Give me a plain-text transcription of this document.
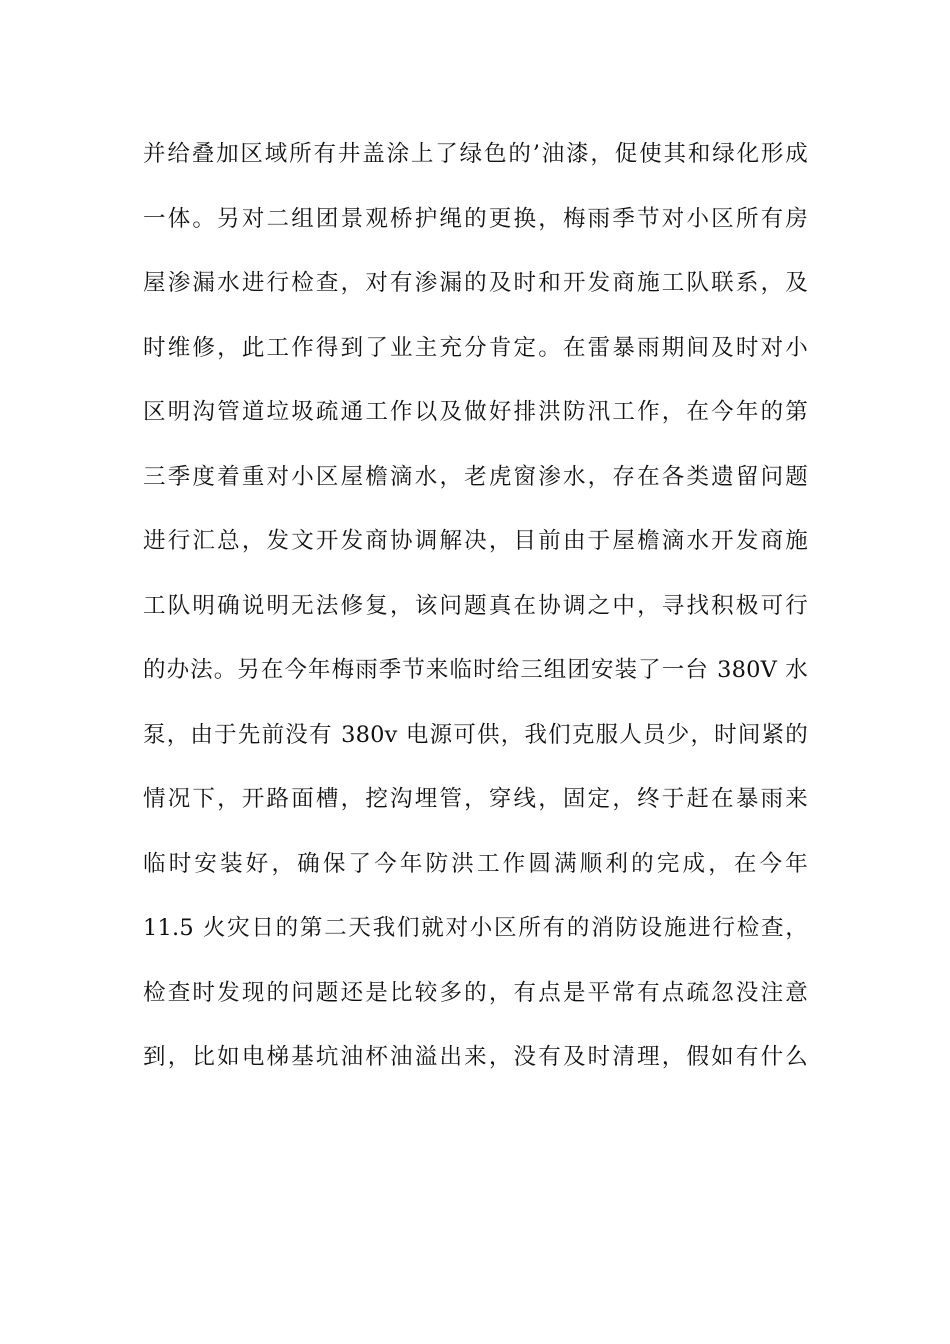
并给叠加区域所有井盖涂上了绿色的’油漆，促使其和绿化形成
一体。另对二组团景观桥护绳的更换，梅雨季节对小区所有房
屋渗漏水进行检查，对有渗漏的及时和开发商施工队联系，及
时维修，此工作得到了业主充分肯定。在雷暴雨期间及时对小
区明沟管道垃圾疏通工作以及做好排洪防汛工作，在今年的第
三季度着重对小区屋檐滴水，老虎窗渗水，存在各类遗留问题
进行汇总，发文开发商协调解决，目前由于屋檐滴水开发商施
工队明确说明无法修复，该问题真在协调之中，寻找积极可行
的办法。另在今年梅雨季节来临时给三组团安装了一台 380V 水
泵，由于先前没有 380v 电源可供，我们克服人员少，时间紧的
情况下，开路面槽，挖沟埋管，穿线，固定，终于赶在暴雨来
临时安装好，确保了今年防洪工作圆满顺利的完成，在今年
11.5 火灾日的第二天我们就对小区所有的消防设施进行检查，
检查时发现的问题还是比较多的，有点是平常有点疏忽没注意
到，比如电梯基坑油杯油溢出来，没有及时清理，假如有什么
